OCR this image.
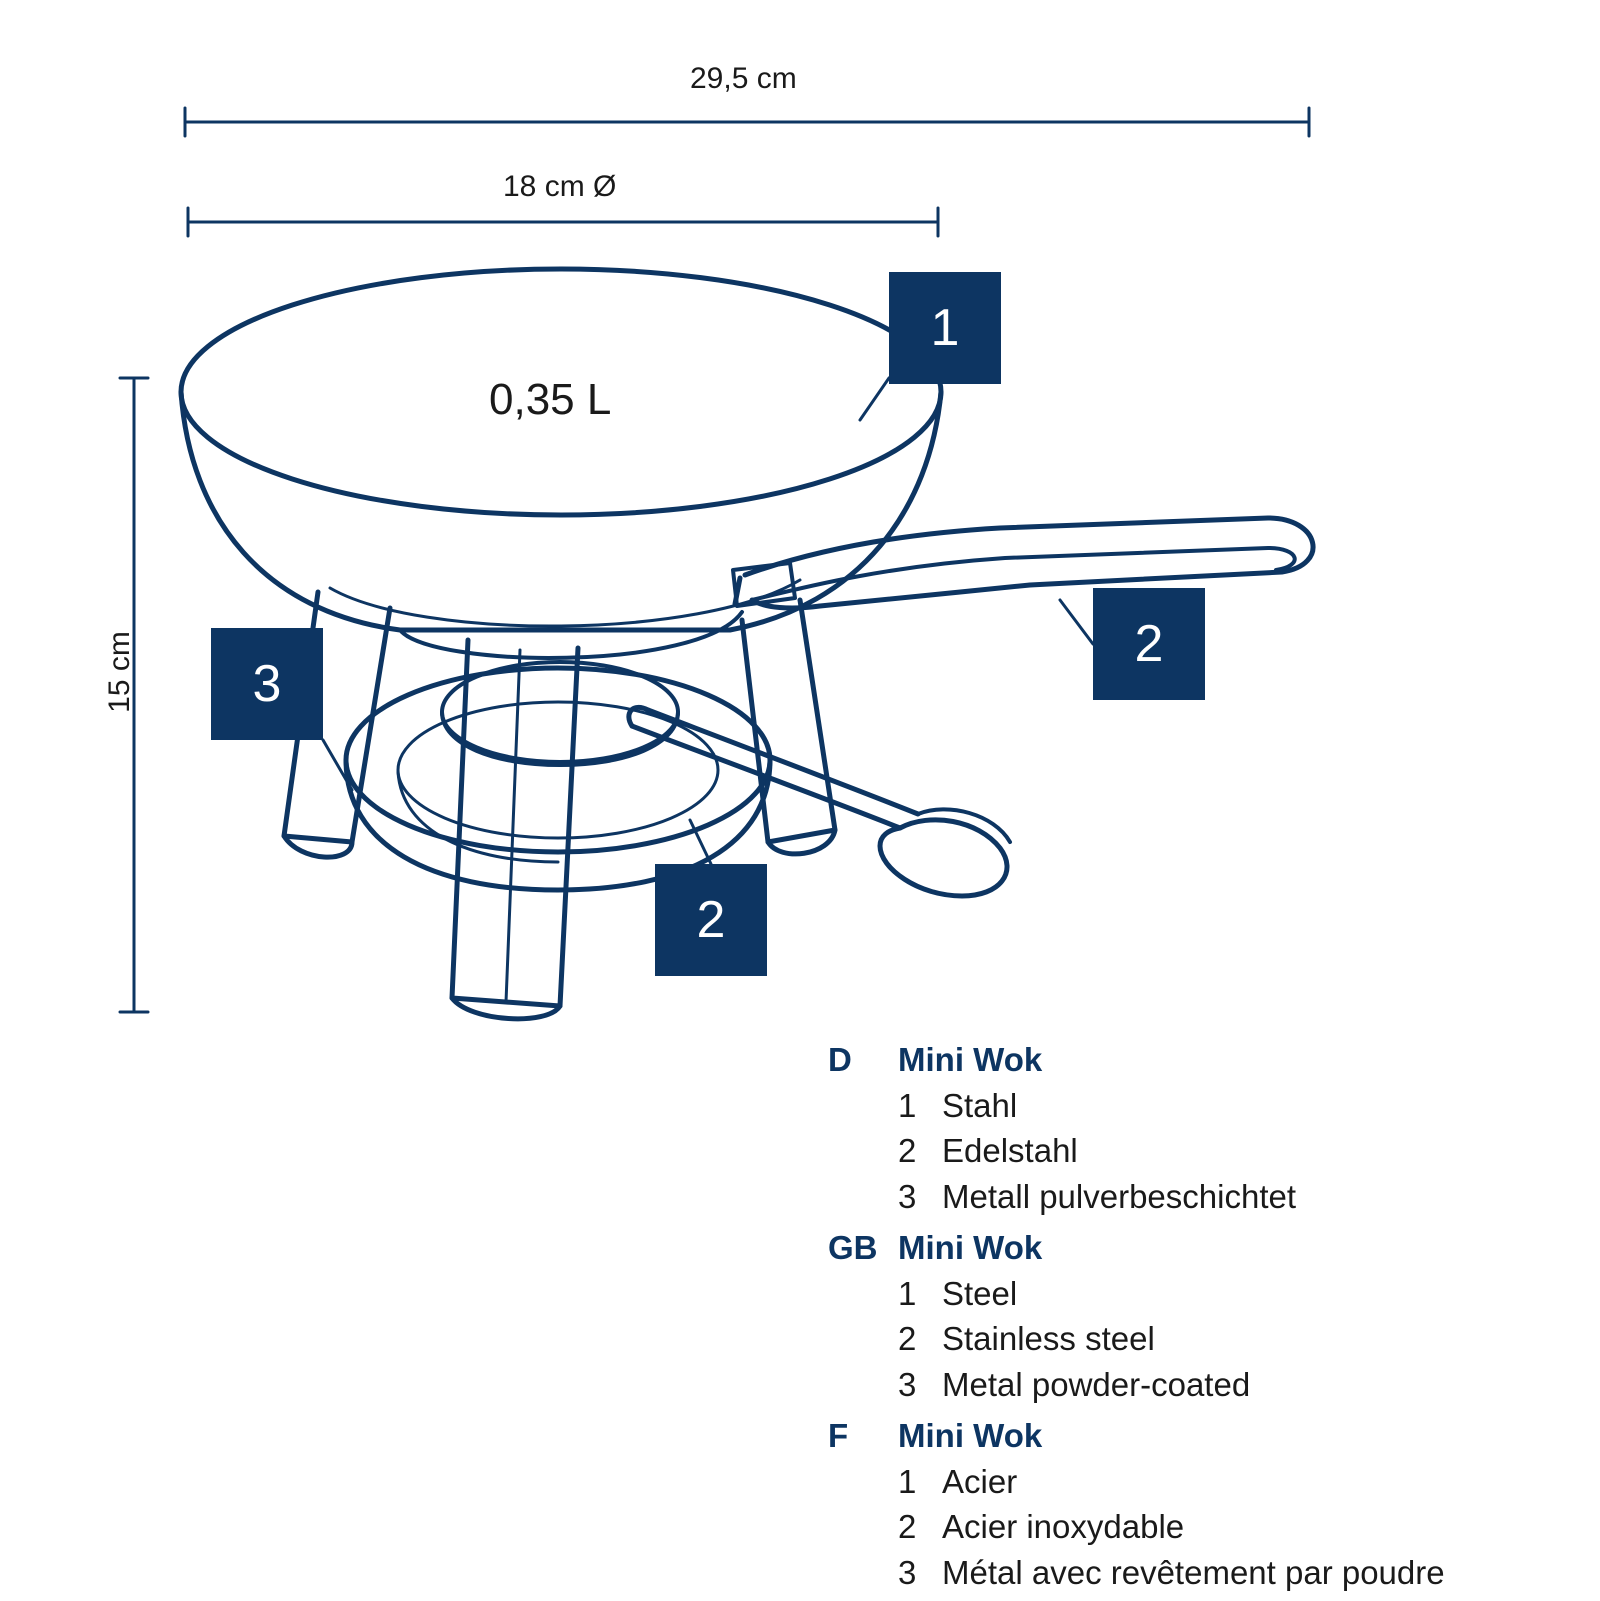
29,5 cm
18 cm Ø
15 cm
0,35 L
1
2
3
2
D	Mini Wok
1 Stahl
2 Edelstahl
3 Metall pulverbeschichtet
GB Mini Wok
1 Steel
2 Stainless steel
3 Metal powder-coated
F	Mini Wok
1 Acier
2 Acier inoxydable
3 Métal avec revêtement par poudre
